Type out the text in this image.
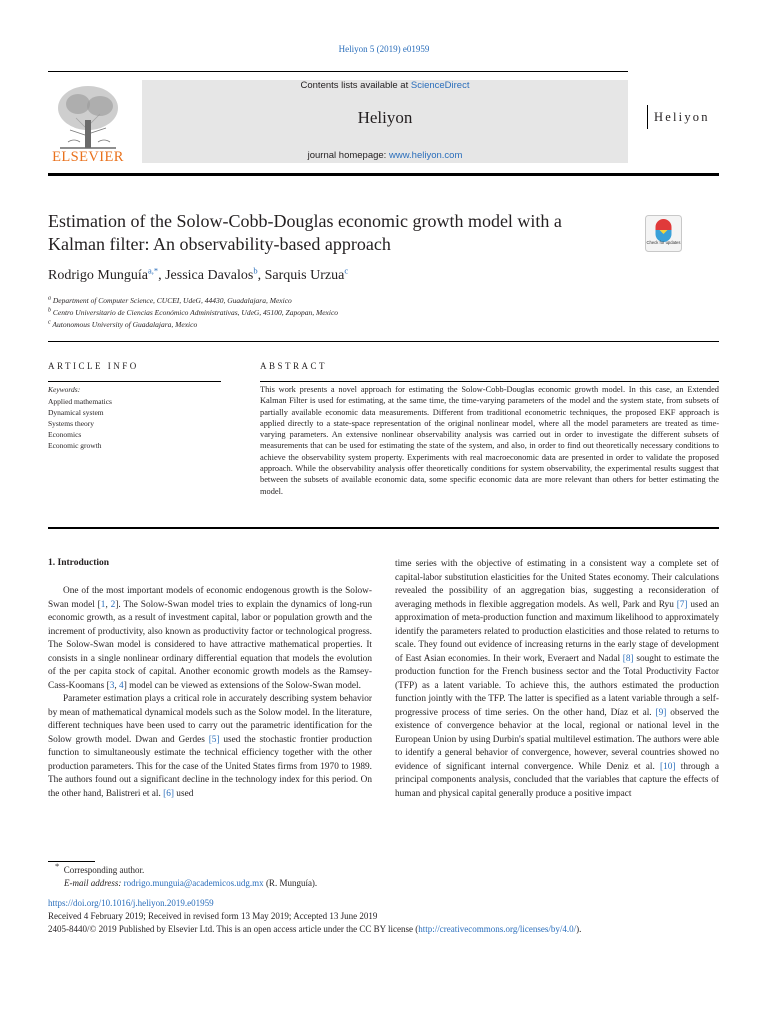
Heliyon 5 (2019) e01959
ELSEVIER
Contents lists available at ScienceDirect
Heliyon
journal homepage: www.heliyon.com
Heliyon
Estimation of the Solow-Cobb-Douglas economic growth model with a Kalman filter: An observability-based approach	Check for updates
Rodrigo Munguía$^{a,*}$, Jessica Davalos$^b$, Sarquis Urzua$^c$
$^a$ Department of Computer Science, CUCEI, UdeG, 44430, Guadalajara, Mexico
$^b$ Centro Universitario de Ciencias Económico Administrativas, UdeG, 45100, Zapopan, Mexico
$^c$ Autonomous University of Guadalajara, Mexico
ARTICLE INFO
Keywords:
Applied mathematics
Dynamical system
Systems theory
Economics
Economic growth
ABSTRACT
This work presents a novel approach for estimating the Solow-Cobb-Douglas economic growth model. In this case, an Extended Kalman Filter is used for estimating, at the same time, the time-varying parameters of the model and the system state, from subsets of partially available economic data measurements. Different from traditional econometric techniques, the proposed EKF approach is applied directly to a state-space representation of the original nonlinear model, where all the model parameters are treated as time-varying parameters. An extensive nonlinear observability analysis was carried out in order to investigate the different subsets of measurements that can be used for estimating the state of the system, and also, in order to find out theoretically necessary conditions to achieve the observability system property. Experiments with real macroeconomic data are presented in order to validate the proposed approach. While the observability analysis offer theoretically conditions for system observability, the experimental results suggest that between the subsets of available economic data, some specific economic data are more relevant than others for better estimating the model.
1. Introduction

One of the most important models of economic endogenous growth is the Solow-Swan model [1, 2]. The Solow-Swan model tries to explain the dynamics of long-run economic growth, as a result of investment capital, labor or population growth and the increment of productivity, also known as productivity factor or technological progress. The Solow-Swan model is considered to have attractive mathematical properties. It consists in a single nonlinear ordinary differential equation that models the evolution of the per capita stock of capital. Another economic growth models as the Ramsey-Cass-Koomans [3, 4] model can be viewed as extensions of the Solow-Swan model.

Parameter estimation plays a critical role in accurately describing system behavior by mean of mathematical dynamical models such as the Solow model. In the literature, different techniques have been used to carry out the parametric identification for the Solow growth model. Dwan and Gerdes [5] used the stochastic frontier production function to simultaneously estimate the technical efficiency together with the other production parameters. This for the case of the United States firms from 1970 to 1989. The authors found out a significant decline in the technology index for this period. On the other hand, Balistreri et al. [6] used

time series with the objective of estimating in a consistent way a complete set of capital-labor substitution elasticities for the United States economy. Their calculations revealed the possibility of an aggregation bias, suggesting a reconsideration of averaging methods in flexible aggregation models. As well, Park and Ryu [7] used an approximation of meta-production function and maximum likelihood to approximately identify the parameters related to production elasticities and those related to returns to scale. They found out evidence of increasing returns in the early stage of development of East Asian economies. In their work, Everaert and Nadal [8] sought to estimate the production function for the French business sector and the Total Productivity Factor (TFP) as a latent variable. To achieve this, the authors estimated the production function jointly with the TFP. The latter is specified as a latent variable through a self-progressive process of time series. On the other hand, Díaz et al. [9] observed the existence of convergence behavior at the local, regional or national level in the European Union by using Durbin's spatial multilevel estimation. The authors were able to identify a general behavior of convergence, however, several countries showed no evidence of significant internal convergence. While Deniz et al. [10] through a principal components analysis, concluded that the variables that capture the effects of human and physical capital generally produce a positive impact

* Corresponding author.
E-mail address: rodrigo.munguia@academicos.udg.mx (R. Munguía).
https://doi.org/10.1016/j.heliyon.2019.e01959
Received 4 February 2019; Received in revised form 13 May 2019; Accepted 13 June 2019
2405-8440/© 2019 Published by Elsevier Ltd. This is an open access article under the CC BY license (http://creativecommons.org/licenses/by/4.0/).
